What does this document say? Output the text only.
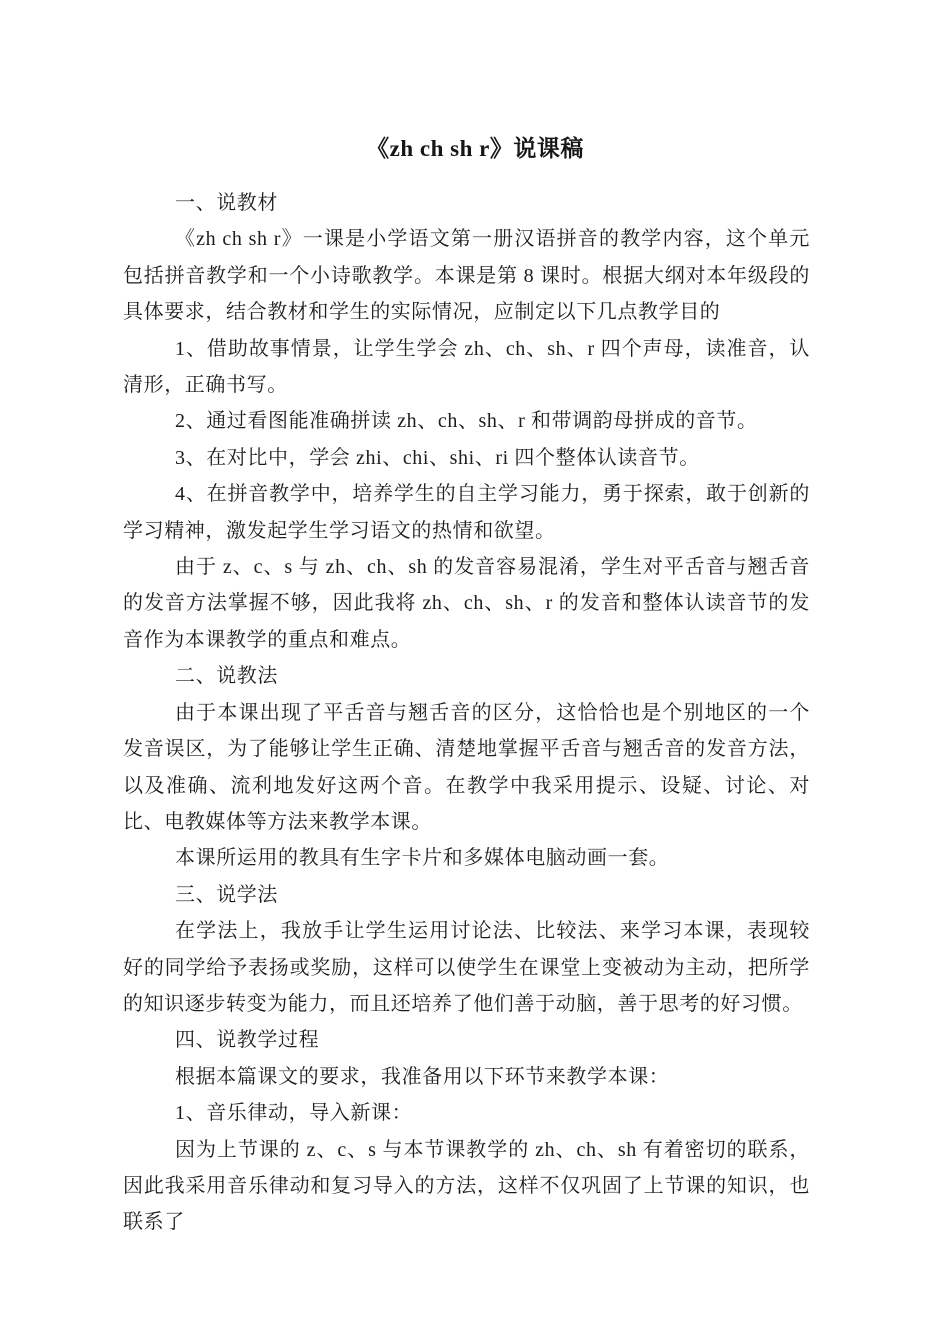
《zh ch sh r》说课稿

一、说教材

《zh ch sh r》一课是小学语文第一册汉语拼音的教学内容，这个单元包括拼音教学和一个小诗歌教学。本课是第 8 课时。根据大纲对本年级段的具体要求，结合教材和学生的实际情况，应制定以下几点教学目的

1、借助故事情景，让学生学会 zh、ch、sh、r 四个声母，读准音，认清形，正确书写。

2、通过看图能准确拼读 zh、ch、sh、r 和带调韵母拼成的音节。

3、在对比中，学会 zhi、chi、shi、ri 四个整体认读音节。

4、在拼音教学中，培养学生的自主学习能力，勇于探索，敢于创新的学习精神，激发起学生学习语文的热情和欲望。

由于 z、c、s 与 zh、ch、sh 的发音容易混淆，学生对平舌音与翘舌音的发音方法掌握不够，因此我将 zh、ch、sh、r 的发音和整体认读音节的发音作为本课教学的重点和难点。

二、说教法

由于本课出现了平舌音与翘舌音的区分，这恰恰也是个别地区的一个发音误区，为了能够让学生正确、清楚地掌握平舌音与翘舌音的发音方法，以及准确、流利地发好这两个音。在教学中我采用提示、设疑、讨论、对比、电教媒体等方法来教学本课。

本课所运用的教具有生字卡片和多媒体电脑动画一套。

三、说学法

在学法上，我放手让学生运用讨论法、比较法、来学习本课，表现较好的同学给予表扬或奖励，这样可以使学生在课堂上变被动为主动，把所学的知识逐步转变为能力，而且还培养了他们善于动脑，善于思考的好习惯。

四、说教学过程

根据本篇课文的要求，我准备用以下环节来教学本课：

1、音乐律动，导入新课：

因为上节课的 z、c、s 与本节课教学的 zh、ch、sh 有着密切的联系，因此我采用音乐律动和复习导入的方法，这样不仅巩固了上节课的知识，也联系了
